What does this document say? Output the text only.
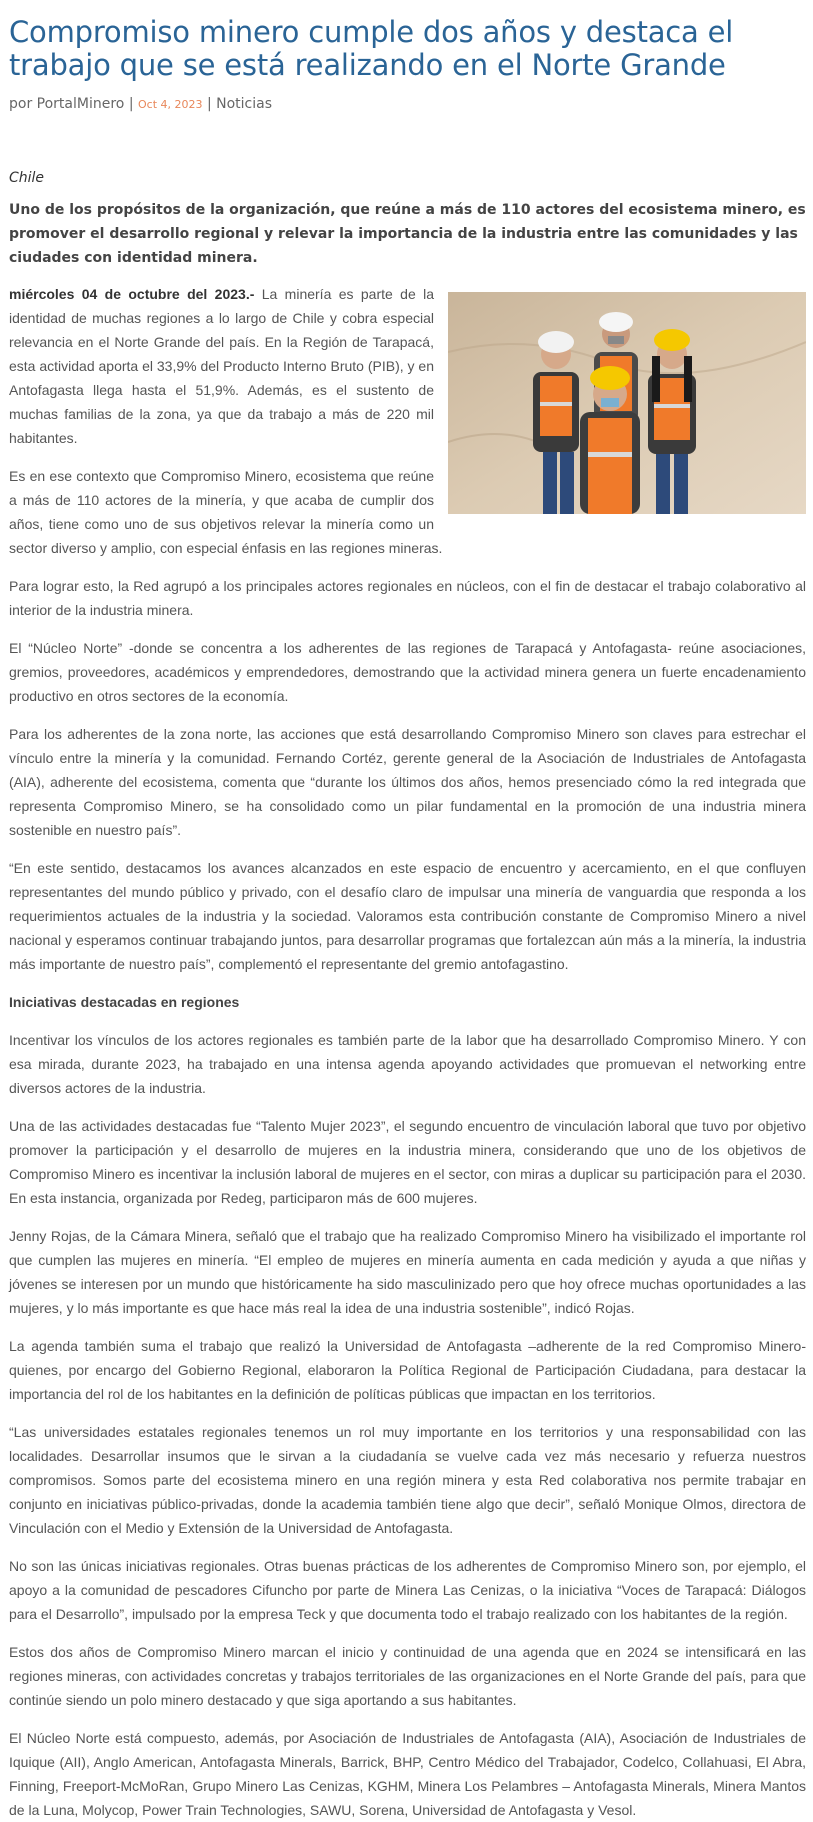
Compromiso minero cumple dos años y destaca el trabajo que se está realizando en el Norte Grande
por PortalMinero | Oct 4, 2023 | Noticias
Chile
Uno de los propósitos de la organización, que reúne a más de 110 actores del ecosistema minero, es promover el desarrollo regional y relevar la importancia de la industria entre las comunidades y las ciudades con identidad minera.

miércoles 04 de octubre del 2023.- La minería es parte de la identidad de muchas regiones a lo largo de Chile y cobra especial relevancia en el Norte Grande del país. En la Región de Tarapacá, esta actividad aporta el 33,9% del Producto Interno Bruto (PIB), y en Antofagasta llega hasta el 51,9%. Además, es el sustento de muchas familias de la zona, ya que da trabajo a más de 220 mil habitantes.

Es en ese contexto que Compromiso Minero, ecosistema que reúne a más de 110 actores de la minería, y que acaba de cumplir dos años, tiene como uno de sus objetivos relevar la minería como un sector diverso y amplio, con especial énfasis en las regiones mineras.

Para lograr esto, la Red agrupó a los principales actores regionales en núcleos, con el fin de destacar el trabajo colaborativo al interior de la industria minera.

El “Núcleo Norte” -donde se concentra a los adherentes de las regiones de Tarapacá y Antofagasta- reúne asociaciones, gremios, proveedores, académicos y emprendedores, demostrando que la actividad minera genera un fuerte encadenamiento productivo en otros sectores de la economía.

Para los adherentes de la zona norte, las acciones que está desarrollando Compromiso Minero son claves para estrechar el vínculo entre la minería y la comunidad. Fernando Cortéz, gerente general de la Asociación de Industriales de Antofagasta (AIA), adherente del ecosistema, comenta que “durante los últimos dos años, hemos presenciado cómo la red integrada que representa Compromiso Minero, se ha consolidado como un pilar fundamental en la promoción de una industria minera sostenible en nuestro país”.

“En este sentido, destacamos los avances alcanzados en este espacio de encuentro y acercamiento, en el que confluyen representantes del mundo público y privado, con el desafío claro de impulsar una minería de vanguardia que responda a los requerimientos actuales de la industria y la sociedad. Valoramos esta contribución constante de Compromiso Minero a nivel nacional y esperamos continuar trabajando juntos, para desarrollar programas que fortalezcan aún más a la minería, la industria más importante de nuestro país”, complementó el representante del gremio antofagastino.

Iniciativas destacadas en regiones

Incentivar los vínculos de los actores regionales es también parte de la labor que ha desarrollado Compromiso Minero. Y con esa mirada, durante 2023, ha trabajado en una intensa agenda apoyando actividades que promuevan el networking entre diversos actores de la industria.

Una de las actividades destacadas fue “Talento Mujer 2023”, el segundo encuentro de vinculación laboral que tuvo por objetivo promover la participación y el desarrollo de mujeres en la industria minera, considerando que uno de los objetivos de Compromiso Minero es incentivar la inclusión laboral de mujeres en el sector, con miras a duplicar su participación para el 2030. En esta instancia, organizada por Redeg, participaron más de 600 mujeres.

Jenny Rojas, de la Cámara Minera, señaló que el trabajo que ha realizado Compromiso Minero ha visibilizado el importante rol que cumplen las mujeres en minería. “El empleo de mujeres en minería aumenta en cada medición y ayuda a que niñas y jóvenes se interesen por un mundo que históricamente ha sido masculinizado pero que hoy ofrece muchas oportunidades a las mujeres, y lo más importante es que hace más real la idea de una industria sostenible”, indicó Rojas.

La agenda también suma el trabajo que realizó la Universidad de Antofagasta –adherente de la red Compromiso Minero- quienes, por encargo del Gobierno Regional, elaboraron la Política Regional de Participación Ciudadana, para destacar la importancia del rol de los habitantes en la definición de políticas públicas que impactan en los territorios.

“Las universidades estatales regionales tenemos un rol muy importante en los territorios y una responsabilidad con las localidades. Desarrollar insumos que le sirvan a la ciudadanía se vuelve cada vez más necesario y refuerza nuestros compromisos. Somos parte del ecosistema minero en una región minera y esta Red colaborativa nos permite trabajar en conjunto en iniciativas público-privadas, donde la academia también tiene algo que decir”, señaló Monique Olmos, directora de Vinculación con el Medio y Extensión de la Universidad de Antofagasta.

No son las únicas iniciativas regionales. Otras buenas prácticas de los adherentes de Compromiso Minero son, por ejemplo, el apoyo a la comunidad de pescadores Cifuncho por parte de Minera Las Cenizas, o la iniciativa “Voces de Tarapacá: Diálogos para el Desarrollo”, impulsado por la empresa Teck y que documenta todo el trabajo realizado con los habitantes de la región.

Estos dos años de Compromiso Minero marcan el inicio y continuidad de una agenda que en 2024 se intensificará en las regiones mineras, con actividades concretas y trabajos territoriales de las organizaciones en el Norte Grande del país, para que continúe siendo un polo minero destacado y que siga aportando a sus habitantes.

El Núcleo Norte está compuesto, además, por Asociación de Industriales de Antofagasta (AIA), Asociación de Industriales de Iquique (AII), Anglo American, Antofagasta Minerals, Barrick, BHP, Centro Médico del Trabajador, Codelco, Collahuasi, El Abra, Finning, Freeport-McMoRan, Grupo Minero Las Cenizas, KGHM, Minera Los Pelambres – Antofagasta Minerals, Minera Mantos de la Luna, Molycop, Power Train Technologies, SAWU, Sorena, Universidad de Antofagasta y Vesol.
